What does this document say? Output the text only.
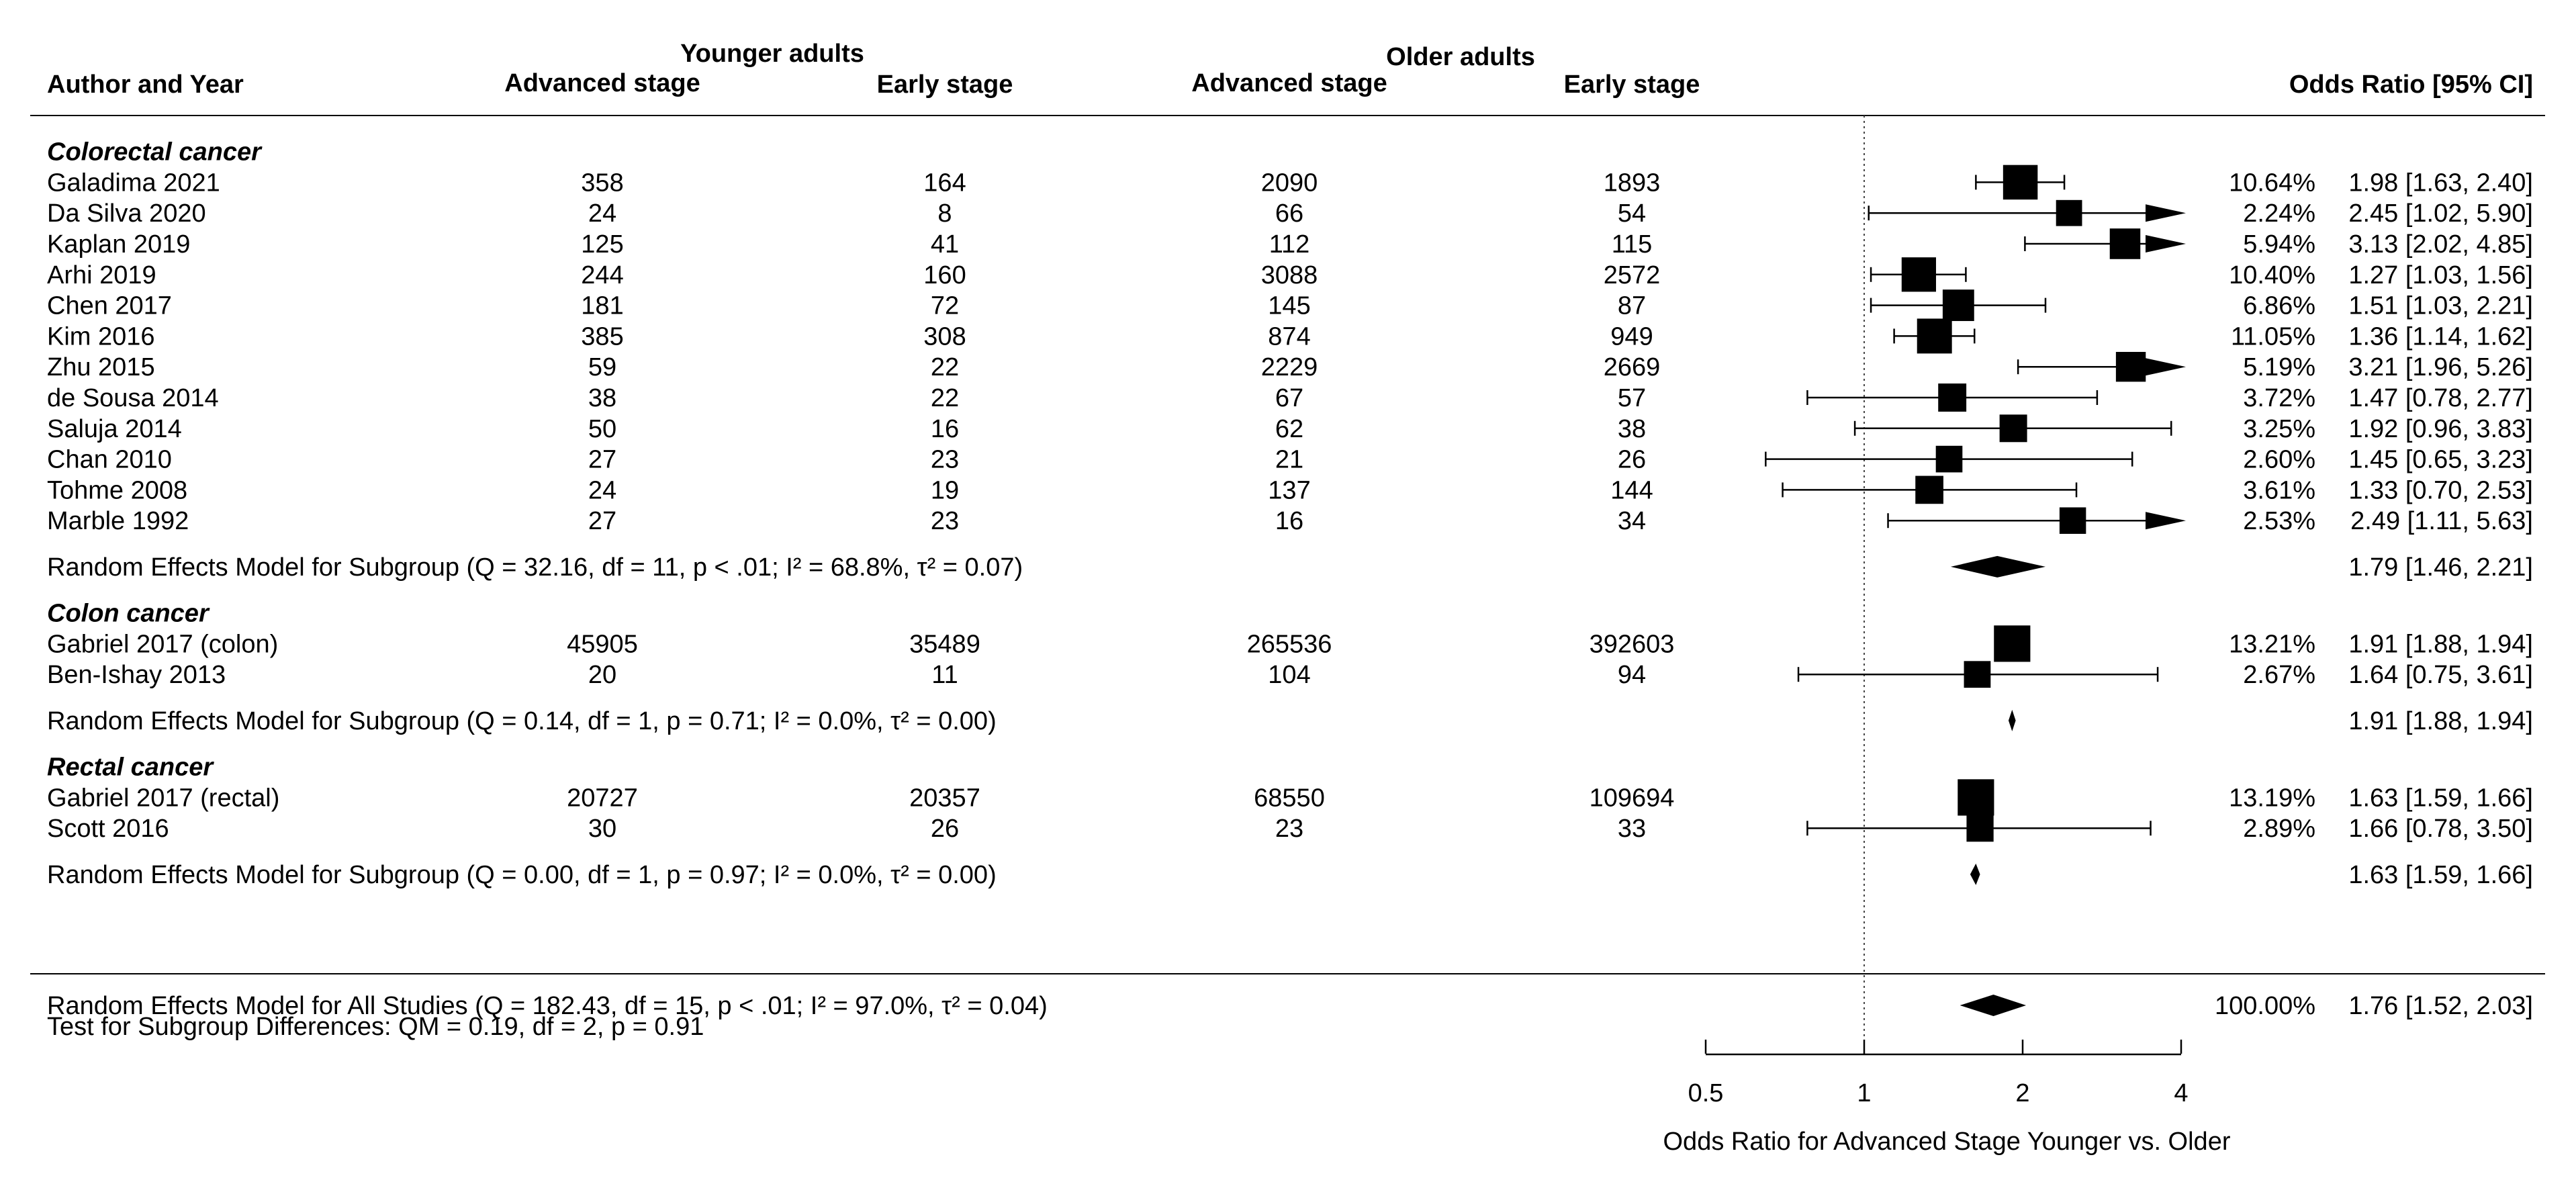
Younger adults	Older adults
Author and Year	Advanced stage	Early stage	Advanced stage	Early stage	Odds Ratio [95% CI]
Colorectal cancer
Galadima 2021	358	164	2090	1893	10.64% 1.98 [1.63, 2.40]
Da Silva 2020	24	8	66	54	2.24% 2.45 [1.02, 5.90]
Kaplan 2019	125	41	112	115	5.94% 3.13 [2.02, 4.85]
Arhi 2019	244	160	3088	2572	10.40% 1.27 [1.03, 1.56]
Chen 2017	181	72	145	87	6.86% 1.51 [1.03, 2.21]
Kim 2016	385	308	874	949	11.05% 1.36 [1.14, 1.62]
Zhu 2015	59	22	2229	2669	5.19% 3.21 [1.96, 5.26]
de Sousa 2014	38	22	67	57	3.72% 1.47 [0.78, 2.77]
Saluja 2014	50	16	62	38	3.25% 1.92 [0.96, 3.83]
Chan 2010	27	23	21	26	2.60% 1.45 [0.65, 3.23]
Tohme 2008	24	19	137	144	3.61% 1.33 [0.70, 2.53]
Marble 1992	27	23	16	34	2.53% 2.49 [1.11, 5.63]
Random Effects Model for Subgroup (Q = 32.16, df = 11, p < .01; I² = 68.8%, τ² = 0.07)	1.79 [1.46, 2.21]
Colon cancer
Gabriel 2017 (colon)	45905	35489	265536	392603	13.21% 1.91 [1.88, 1.94]
Ben-Ishay 2013	20	11	104	94	2.67% 1.64 [0.75, 3.61]
Random Effects Model for Subgroup (Q = 0.14, df = 1, p = 0.71; I² = 0.0%, τ² = 0.00)	1.91 [1.88, 1.94]
Rectal cancer
Gabriel 2017 (rectal)	20727	20357	68550	109694	13.19% 1.63 [1.59, 1.66]
Scott 2016	30	26	23	33	2.89% 1.66 [0.78, 3.50]
Random Effects Model for Subgroup (Q = 0.00, df = 1, p = 0.97; I² = 0.0%, τ² = 0.00)	1.63 [1.59, 1.66]
Random Effects Model for All Studies (Q = 182.43, df = 15, p < .01; I² = 97.0%, τ² = 0.04)	100.00% 1.76 [1.52, 2.03]
Test for Subgroup Differences: QM = 0.19, df = 2, p = 0.91
0.5	1	2	4
Odds Ratio for Advanced Stage Younger vs. Older
